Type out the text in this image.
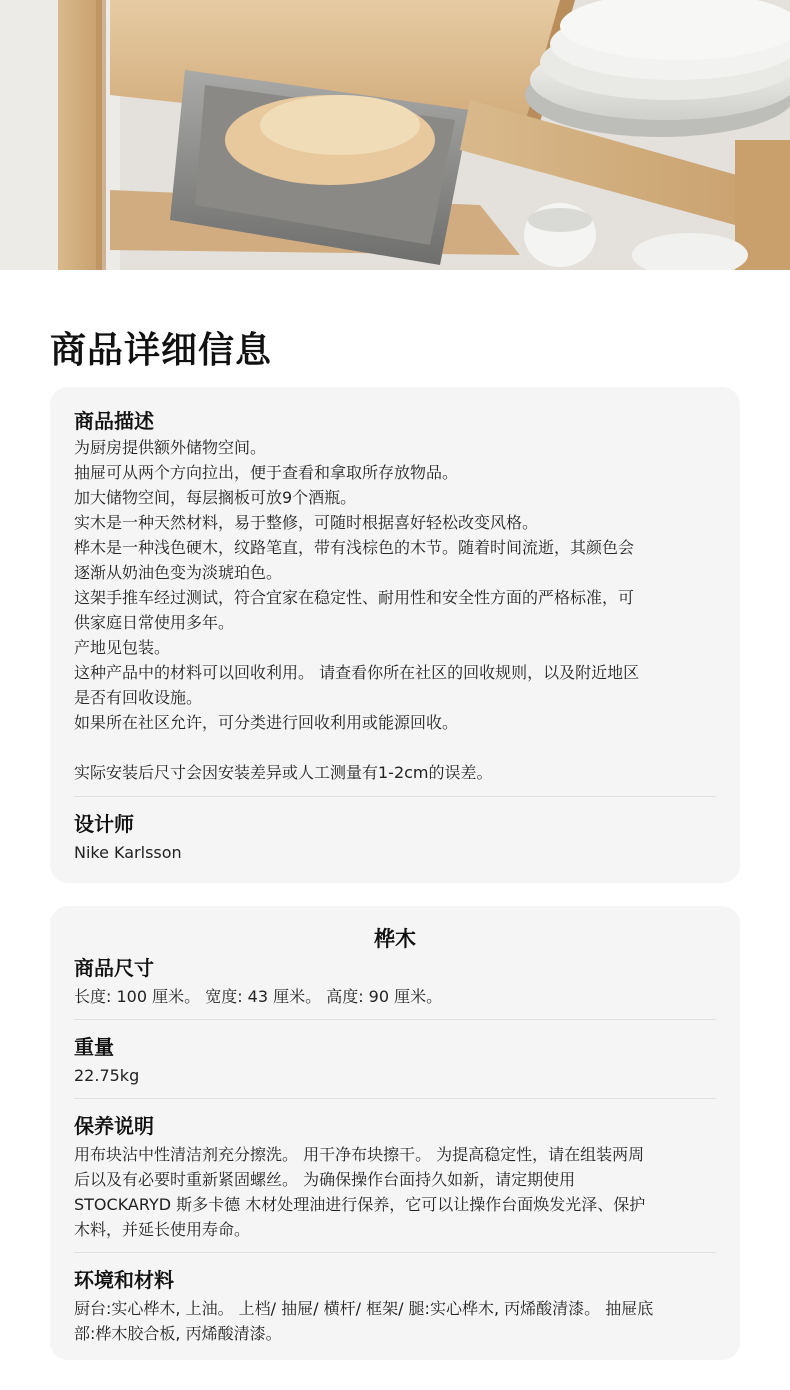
商品详细信息
商品描述

为厨房提供额外储物空间。

抽屉可从两个方向拉出，便于查看和拿取所存放物品。

加大储物空间，每层搁板可放9个酒瓶。

实木是一种天然材料，易于整修，可随时根据喜好轻松改变风格。

桦木是一种浅色硬木，纹路笔直，带有浅棕色的木节。随着时间流逝，其颜色会

逐渐从奶油色变为淡琥珀色。

这架手推车经过测试，符合宜家在稳定性、耐用性和安全性方面的严格标准，可

供家庭日常使用多年。

产地见包装。

这种产品中的材料可以回收利用。 请查看你所在社区的回收规则，以及附近地区

是否有回收设施。

如果所在社区允许，可分类进行回收利用或能源回收。

实际安装后尺寸会因安装差异或人工测量有1-2cm的误差。

设计师

Nike Karlsson

桦木
商品尺寸

长度: 100 厘米。 宽度: 43 厘米。 高度: 90 厘米。

重量

22.75kg

保养说明

用布块沾中性清洁剂充分擦洗。 用干净布块擦干。 为提高稳定性，请在组装两周

后以及有必要时重新紧固螺丝。 为确保操作台面持久如新，请定期使用

STOCKARYD 斯多卡德 木材处理油进行保养，它可以让操作台面焕发光泽、保护

木料，并延长使用寿命。

环境和材料

厨台:实心桦木, 上油。 上档/ 抽屉/ 横杆/ 框架/ 腿:实心桦木, 丙烯酸清漆。 抽屉底

部:桦木胶合板, 丙烯酸清漆。
